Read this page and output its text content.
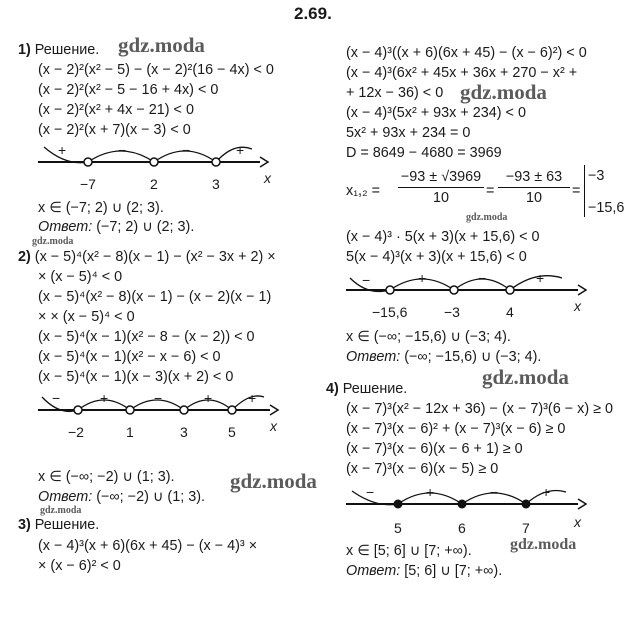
2.69.
1) Решение. gdz.moda
(x − 2)²(x² − 5) − (x − 2)²(16 − 4x) < 0
(x − 2)²(x² − 5 − 16 + 4x) < 0
(x − 2)²(x² + 4x − 21) < 0
(x − 2)²(x + 7)(x − 3) < 0
+	−	−	+
−7	2	3	x
x ∈ (−7; 2) ∪ (2; 3).
Ответ: (−7; 2) ∪ (2; 3).
gdz.moda
2) (x − 5)⁴(x² − 8)(x − 1) − (x² − 3x + 2) ×
× (x − 5)⁴ < 0
(x − 5)⁴(x² − 8)(x − 1) − (x − 2)(x − 1)
× × (x − 5)⁴ < 0
(x − 5)⁴(x − 1)(x² − 8 − (x − 2)) < 0
(x − 5)⁴(x − 1)(x² − x − 6) < 0
(x − 5)⁴(x − 1)(x − 3)(x + 2) < 0
−	+	−	+	+
−2	1	3	5 x
gdz.moda
x ∈ (−∞; −2) ∪ (1; 3).
Ответ: (−∞; −2) ∪ (1; 3).
gdz.moda
3) Решение.
(x − 4)³(x + 6)(6x + 45) − (x − 4)³ ×
× (x − 6)² < 0
(x − 4)³((x + 6)(6x + 45) − (x − 6)²) < 0
(x − 4)³(6x² + 45x + 36x + 270 − x² +
+ 12x − 36) < 0 gdz.moda
(x − 4)³(5x² + 93x + 234) < 0
5x² + 93x + 234 = 0
D = 8649 − 4680 = 3969
x₁,₂ =
−93 ± √3969
10	=
−93 ± 63
10	=
−3
−15,6
gdz.moda
(x − 4)³ · 5(x + 3)(x + 15,6) < 0
5(x − 4)³(x + 3)(x + 15,6) < 0
−	+	−	+
−15,6	−3	4	x
x ∈ (−∞; −15,6) ∪ (−3; 4).
Ответ: (−∞; −15,6) ∪ (−3; 4).
gdz.moda
4) Решение.
(x − 7)³(x² − 12x + 36) − (x − 7)³(6 − x) ≥ 0
(x − 7)³(x − 6)² + (x − 7)³(x − 6) ≥ 0
(x − 7)³(x − 6)(x − 6 + 1) ≥ 0
(x − 7)³(x − 6)(x − 5) ≥ 0
−	+	−	+
5	6	7	x
x ∈ [5; 6] ∪ [7; +∞). gdz.moda
Ответ: [5; 6] ∪ [7; +∞).
